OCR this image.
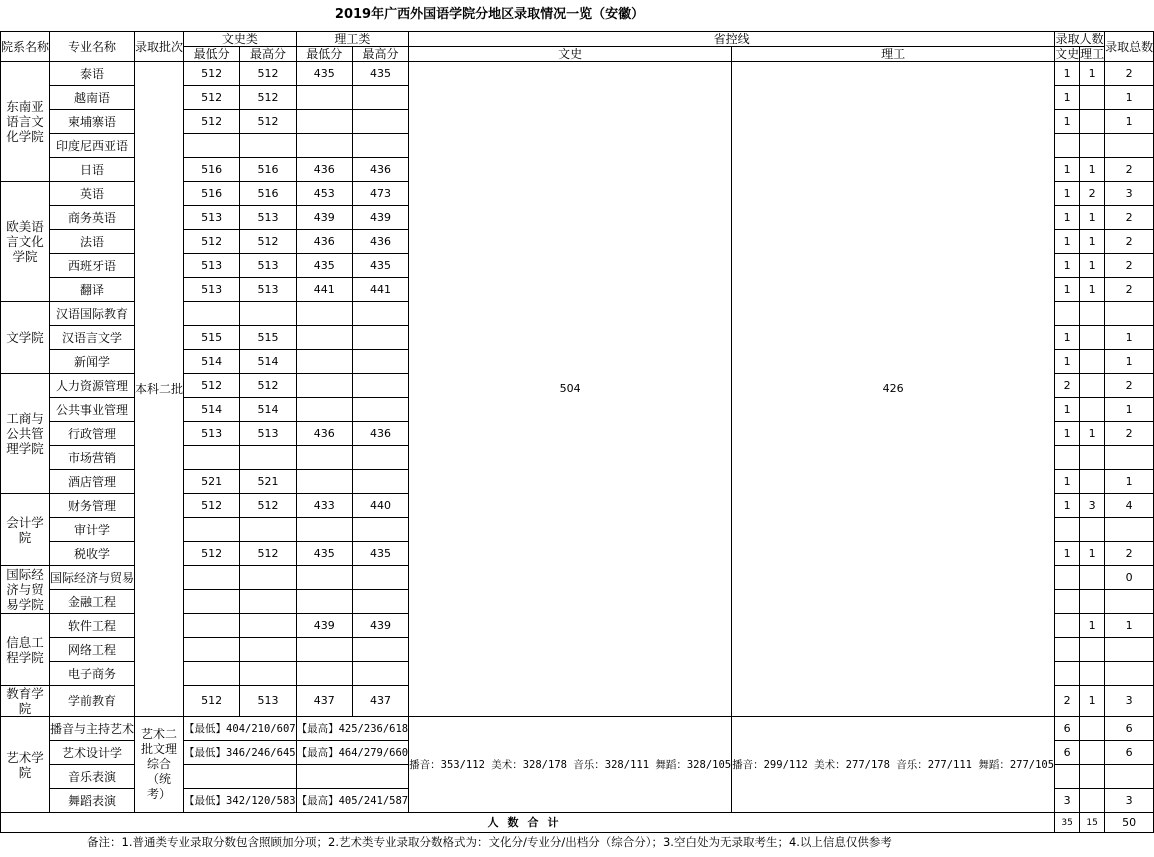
2019年广西外国语学院分地区录取情况一览（安徽）
院系名称	专业名称	录取批次	文史类		理工类		省控线		录取人数		录取总数
			最低分	最高分	最低分	最高分	文史	理工	文史	理工	
东南亚语言文化学院	泰语	本科二批	512	512	435	435	504	426	1	1	2
	越南语		512	512					1		1
	柬埔寨语		512	512					1		1
	印度尼西亚语										
	日语		516	516	436	436			1	1	2
欧美语言文化学院	英语		516	516	453	473			1	2	3
	商务英语		513	513	439	439			1	1	2
	法语		512	512	436	436			1	1	2
	西班牙语		513	513	435	435			1	1	2
	翻译		513	513	441	441			1	1	2
文学院	汉语国际教育										
	汉语言文学		515	515					1		1
	新闻学		514	514					1		1
工商与公共管理学院	人力资源管理		512	512					2		2
	公共事业管理		514	514					1		1
	行政管理		513	513	436	436			1	1	2
	市场营销										
	酒店管理		521	521					1		1
会计学院	财务管理		512	512	433	440			1	3	4
	审计学										
	税收学		512	512	435	435			1	1	2
国际经济与贸易学院	国际经济与贸易										0
	金融工程										
信息工程学院	软件工程				439	439				1	1
	网络工程										
	电子商务										
教育学院	学前教育		512	513	437	437			2	1	3
艺术学院	播音与主持艺术	艺术二批文理综合（统考）	【最低】404/210/607		【最高】425/236/618		播音：353/112 美术：328/178 音乐：328/111 舞蹈：328/105	播音：299/112 美术：277/178 音乐：277/111 舞蹈：277/105	6		6
	艺术设计学		【最低】346/246/645		【最高】464/279/660				6		6
	音乐表演										
	舞蹈表演		【最低】342/120/583		【最高】405/241/587				3		3
人数合计									35	15	50
备注：1.普通类专业录取分数包含照顾加分项；2.艺术类专业录取分数格式为：文化分/专业分/出档分（综合分）；3.空白处为无录取考生；4.以上信息仅供参考
